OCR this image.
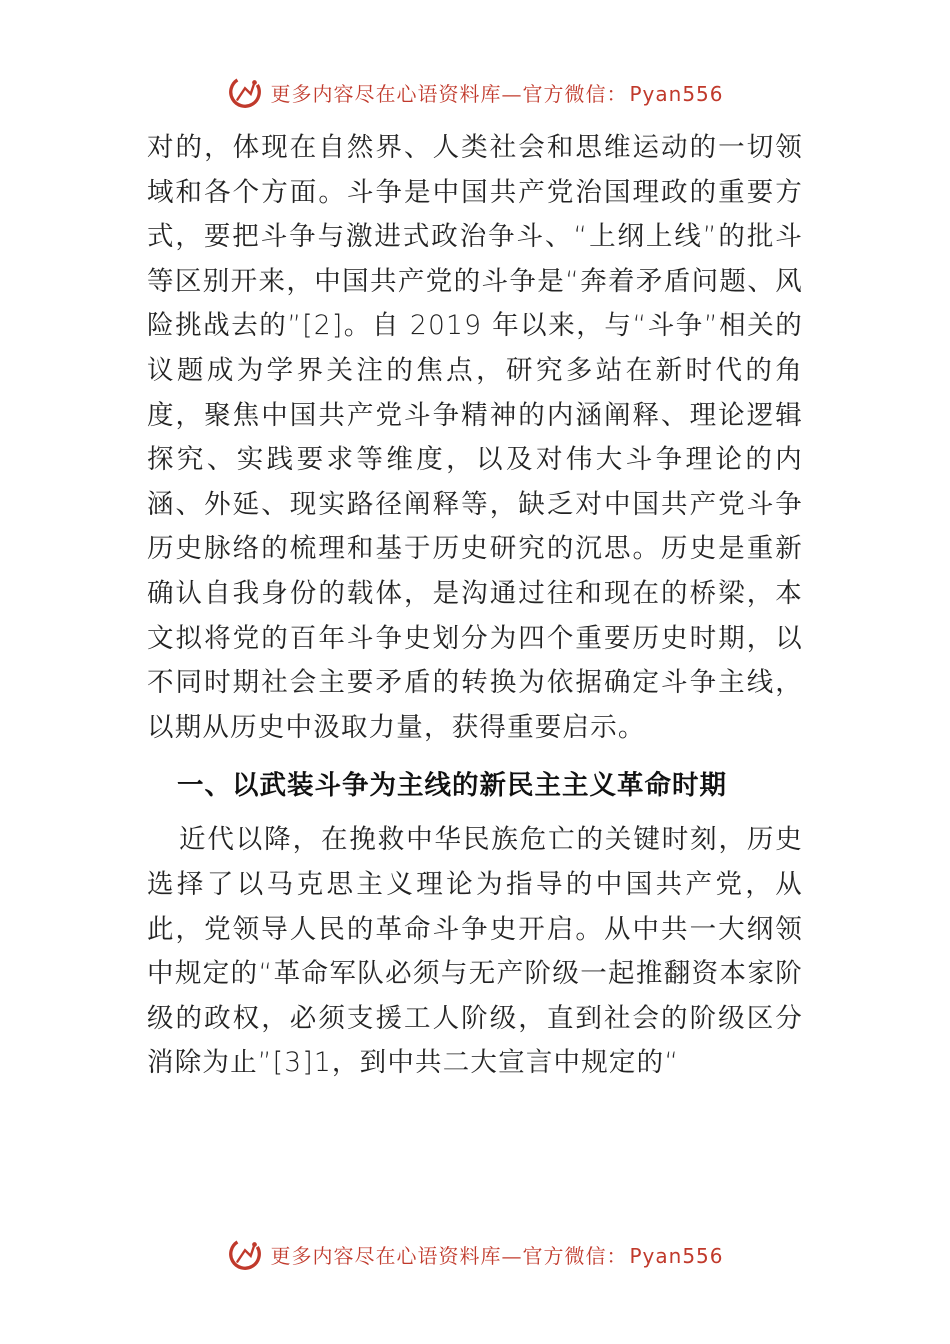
更多内容尽在心语资料库—官方微信： Pyan556

对的，体现在自然界、人类社会和思维运动的一切领域和各个方面。斗争是中国共产党治国理政的重要方式，要把斗争与激进式政治争斗、“上纲上线”的批斗等区别开来，中国共产党的斗争是“奔着矛盾问题、风险挑战去的”[2]。自 2019 年以来，与“斗争”相关的议题成为学界关注的焦点，研究多站在新时代的角度，聚焦中国共产党斗争精神的内涵阐释、理论逻辑探究、实践要求等维度，以及对伟大斗争理论的内涵、外延、现实路径阐释等，缺乏对中国共产党斗争历史脉络的梳理和基于历史研究的沉思。历史是重新确认自我身份的载体，是沟通过往和现在的桥梁，本文拟将党的百年斗争史划分为四个重要历史时期，以不同时期社会主要矛盾的转换为依据确定斗争主线，以期从历史中汲取力量，获得重要启示。

一、以武装斗争为主线的新民主主义革命时期

近代以降，在挽救中华民族危亡的关键时刻，历史选择了以马克思主义理论为指导的中国共产党，从此，党领导人民的革命斗争史开启。从中共一大纲领中规定的“革命军队必须与无产阶级一起推翻资本家阶级的政权，必须支援工人阶级，直到社会的阶级区分消除为止”[3]1，到中共二大宣言中规定的“

更多内容尽在心语资料库—官方微信： Pyan556
